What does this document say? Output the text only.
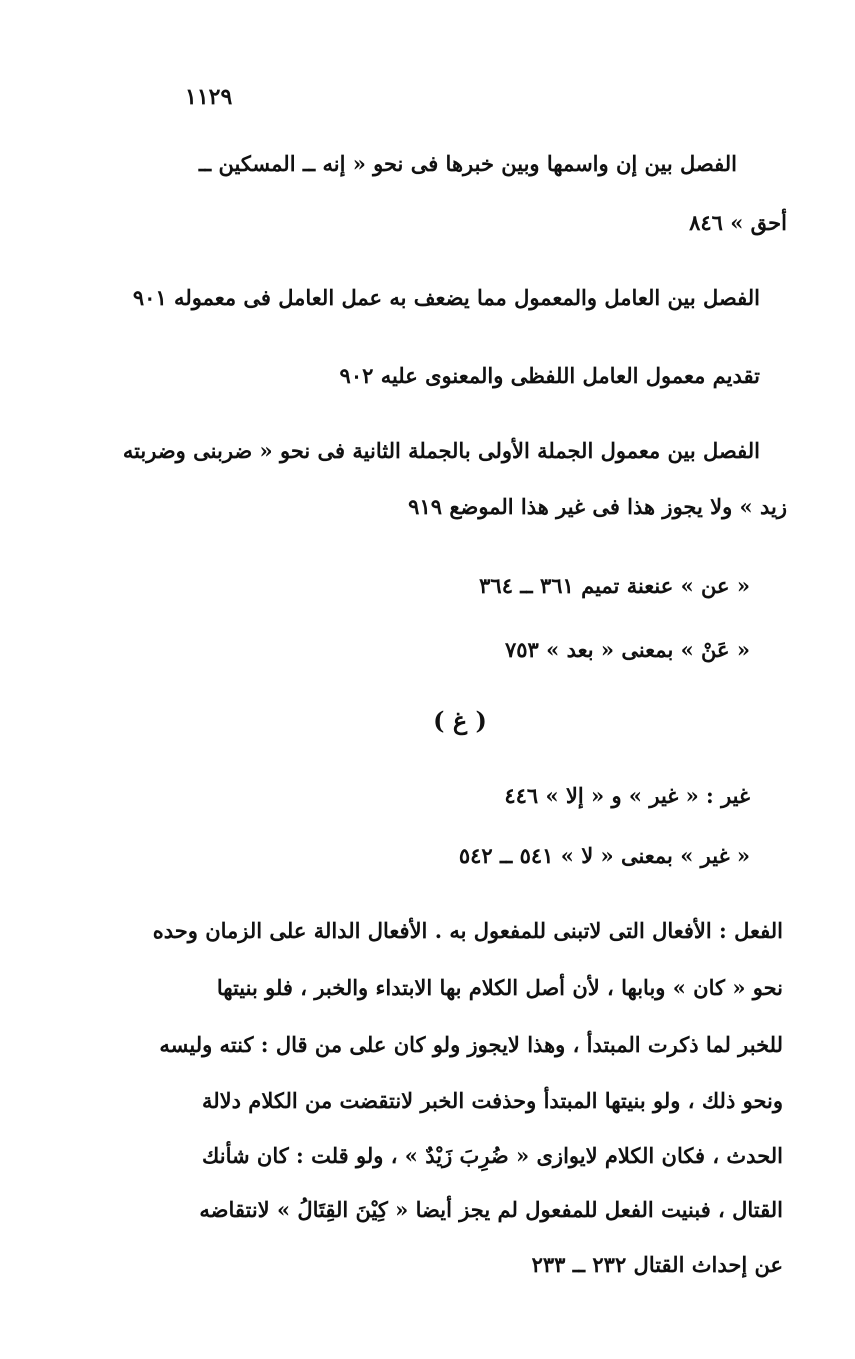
١١٢٩
الفصل بين إن واسمها وبين خبرها فى نحو « إنه ــ المسكين ــ
أحق » ٨٤٦
الفصل بين العامل والمعمول مما يضعف به عمل العامل فى معموله ٩٠١
تقديم معمول العامل اللفظى والمعنوى عليه ٩٠٢
الفصل بين معمول الجملة الأولى بالجملة الثانية فى نحو « ضربنى وضربته
زيد » ولا يجوز هذا فى غير هذا الموضع ٩١٩
« عن » عنعنة تميم ٣٦١ ــ ٣٦٤
« عَنْ » بمعنى « بعد » ٧٥٣
( غ )
غير : « غير » و « إلا » ٤٤٦
« غير » بمعنى « لا » ٥٤١ ــ ٥٤٢
الفعل : الأفعال التى لاتبنى للمفعول به . الأفعال الدالة على الزمان وحده
نحو « كان » وبابها ، لأن أصل الكلام بها الابتداء والخبر ، فلو بنيتها
للخبر لما ذكرت المبتدأ ، وهذا لايجوز ولو كان على من قال : كنته وليسه
ونحو ذلك ، ولو بنيتها المبتدأ وحذفت الخبر لانتقضت من الكلام دلالة
الحدث ، فكان الكلام لايوازى « ضُرِبَ زَيْدٌ » ، ولو قلت : كان شأنك
القتال ، فبنيت الفعل للمفعول لم يجز أيضا « كِيْنَ القِتَالُ » لانتقاضه
عن إحداث القتال ٢٣٢ ــ ٢٣٣
